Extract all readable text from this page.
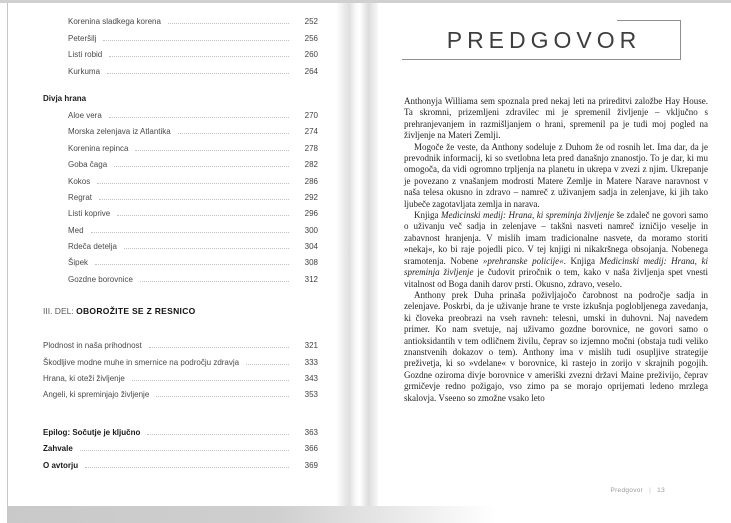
Korenina sladkega korena	252
Peteršilj	256
Listi robid	260
Kurkuma	264
Divja hrana
Aloe vera	270
Morska zelenjava iz Atlantika	274
Korenina repinca	278
Goba čaga	282
Kokos	286
Regrat	292
Listi koprive	296
Med	300
Rdeča detelja	304
Šipek	308
Gozdne borovnice	312
III. DEL: OBOROŽITE SE Z RESNICO
Plodnost in naša prihodnost	321
Škodljive modne muhe in smernice na področju zdravja	333
Hrana, ki oteži življenje	343
Angeli, ki spreminjajo življenje	353
Epilog: Sočutje je ključno	363
Zahvale	366
O avtorju	369
PREDGOVOR

Anthonyja Williama sem spoznala pred nekaj leti na prireditvi založbe Hay House. Ta skromni, prizemljeni zdravilec mi je spremenil življenje – vključno s prehranjevanjem in razmišljanjem o hrani, spremenil pa je tudi moj pogled na življenje na Materi Zemlji.

Mogoče že veste, da Anthony sodeluje z Duhom že od rosnih let. Ima dar, da je prevodnik informacij, ki so svetlobna leta pred današnjo znanostjo. To je dar, ki mu omogoča, da vidi ogromno trpljenja na planetu in ukrepa v zvezi z njim. Ukrepanje je povezano z vnašanjem modrosti Matere Zemlje in Matere Narave naravnost v naša telesa okusno in zdravo – namreč z uživanjem sadja in zelenjave, ki jih tako ljubeče zagotavljata zemlja in narava.

Knjiga Medicinski medij: Hrana, ki spreminja življenje še zdaleč ne govori samo o uživanju več sadja in zelenjave – takšni nasveti namreč izničijo veselje in zabavnost hranjenja. V mislih imam tradicionalne nasvete, da moramo storiti »nekaj«, ko bi raje pojedli pico. V tej knjigi ni nikakršnega obsojanja. Nobenega sramotenja. Nobene »prehranske policije«. Knjiga Medicinski medij: Hrana, ki spreminja življenje je čudovit priročnik o tem, kako v naša življenja spet vnesti vitalnost od Boga danih darov prsti. Okusno, zdravo, veselo.

Anthony prek Duha prinaša poživljajočo čarobnost na področje sadja in zelenjave. Poskrbi, da je uživanje hrane te vrste izkušnja poglobljenega zavedanja, ki človeka preobrazi na vseh ravneh: telesni, umski in duhovni. Naj navedem primer. Ko nam svetuje, naj uživamo gozdne borovnice, ne govori samo o antioksidantih v tem odličnem živilu, čeprav so izjemno močni (obstaja tudi veliko znanstvenih dokazov o tem). Anthony ima v mislih tudi osupljive strategije preživetja, ki so »vdelane« v borovnice, ki rastejo in zorijo v skrajnih pogojih. Gozdne oziroma divje borovnice v ameriški zvezni državi Maine preživijo, čeprav grmičevje redno požigajo, vso zimo pa se morajo oprijemati ledeno mrzlega skalovja. Vseeno so zmožne vsako leto

Predgovor | 13
